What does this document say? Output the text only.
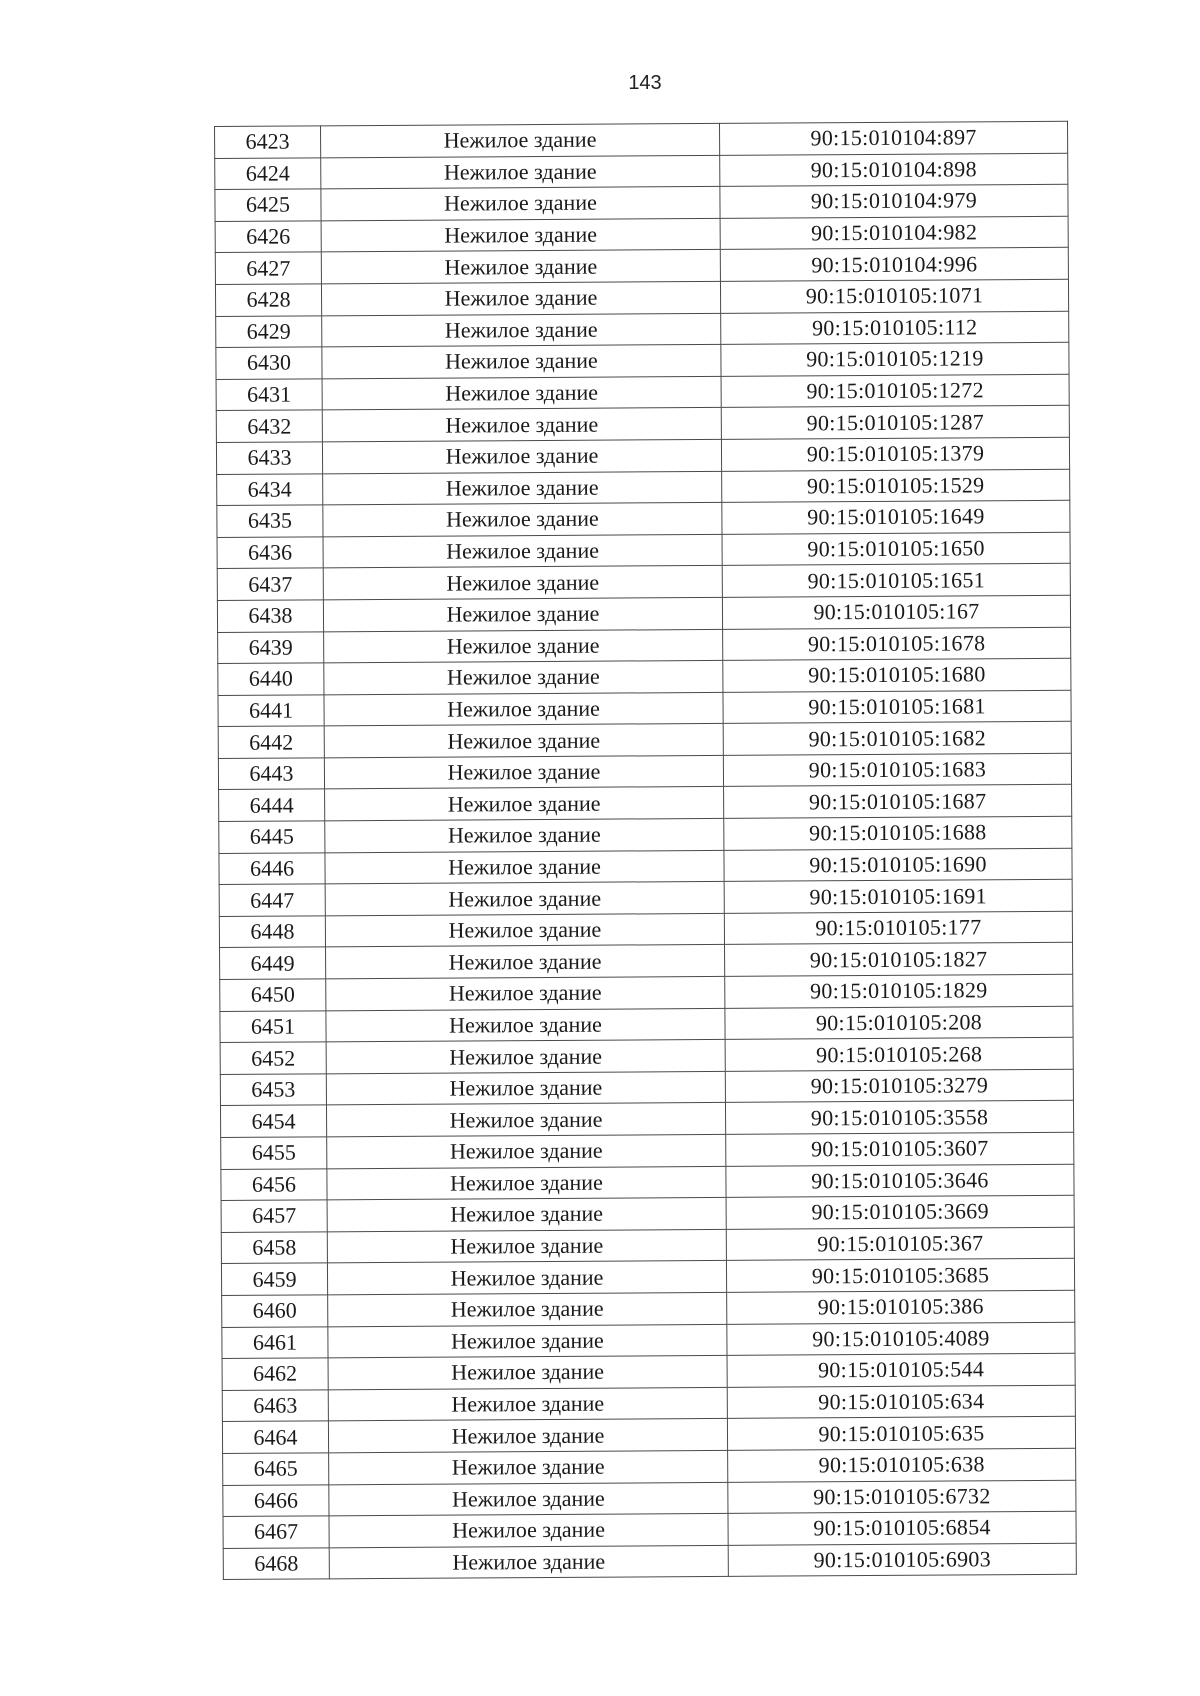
143
6423	Нежилое здание	90:15:010104:897
6424	Нежилое здание	90:15:010104:898
6425	Нежилое здание	90:15:010104:979
6426	Нежилое здание	90:15:010104:982
6427	Нежилое здание	90:15:010104:996
6428	Нежилое здание	90:15:010105:1071
6429	Нежилое здание	90:15:010105:112
6430	Нежилое здание	90:15:010105:1219
6431	Нежилое здание	90:15:010105:1272
6432	Нежилое здание	90:15:010105:1287
6433	Нежилое здание	90:15:010105:1379
6434	Нежилое здание	90:15:010105:1529
6435	Нежилое здание	90:15:010105:1649
6436	Нежилое здание	90:15:010105:1650
6437	Нежилое здание	90:15:010105:1651
6438	Нежилое здание	90:15:010105:167
6439	Нежилое здание	90:15:010105:1678
6440	Нежилое здание	90:15:010105:1680
6441	Нежилое здание	90:15:010105:1681
6442	Нежилое здание	90:15:010105:1682
6443	Нежилое здание	90:15:010105:1683
6444	Нежилое здание	90:15:010105:1687
6445	Нежилое здание	90:15:010105:1688
6446	Нежилое здание	90:15:010105:1690
6447	Нежилое здание	90:15:010105:1691
6448	Нежилое здание	90:15:010105:177
6449	Нежилое здание	90:15:010105:1827
6450	Нежилое здание	90:15:010105:1829
6451	Нежилое здание	90:15:010105:208
6452	Нежилое здание	90:15:010105:268
6453	Нежилое здание	90:15:010105:3279
6454	Нежилое здание	90:15:010105:3558
6455	Нежилое здание	90:15:010105:3607
6456	Нежилое здание	90:15:010105:3646
6457	Нежилое здание	90:15:010105:3669
6458	Нежилое здание	90:15:010105:367
6459	Нежилое здание	90:15:010105:3685
6460	Нежилое здание	90:15:010105:386
6461	Нежилое здание	90:15:010105:4089
6462	Нежилое здание	90:15:010105:544
6463	Нежилое здание	90:15:010105:634
6464	Нежилое здание	90:15:010105:635
6465	Нежилое здание	90:15:010105:638
6466	Нежилое здание	90:15:010105:6732
6467	Нежилое здание	90:15:010105:6854
6468	Нежилое здание	90:15:010105:6903
